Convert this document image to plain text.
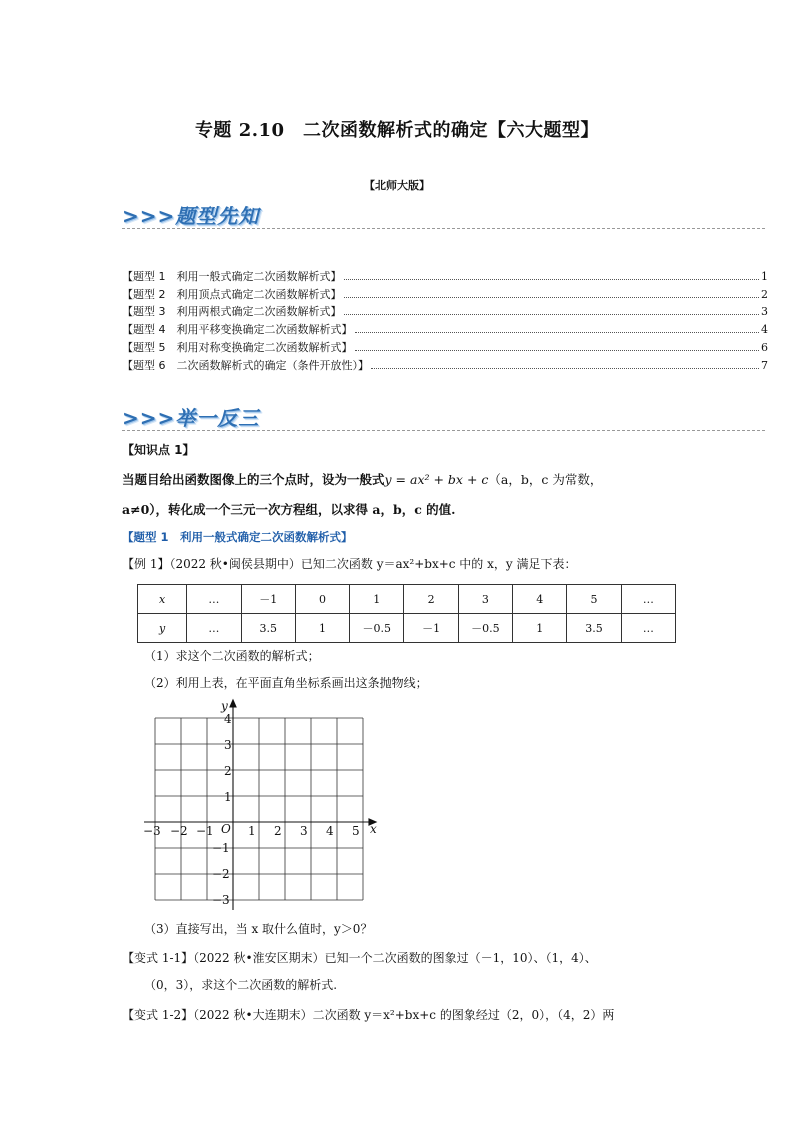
专题 2.10　二次函数解析式的确定【六大题型】
【北师大版】
>>>题型先知
【题型 1　利用一般式确定二次函数解析式】	1
【题型 2　利用顶点式确定二次函数解析式】	2
【题型 3　利用两根式确定二次函数解析式】	3
【题型 4　利用平移变换确定二次函数解析式】	4
【题型 5　利用对称变换确定二次函数解析式】	6
【题型 6　二次函数解析式的确定（条件开放性）】	7
>>>举一反三
【知识点 1】
当题目给出函数图像上的三个点时，设为一般式y = ax² + bx + c（a，b，c 为常数，
a≠0），转化成一个三元一次方程组，以求得 a，b，c 的值.
【题型 1　利用一般式确定二次函数解析式】
【例 1】（2022 秋•闽侯县期中）已知二次函数 y＝ax²+bx+c 中的 x，y 满足下表：
x	…	－1	0	1	2	3	4	5	…
y	…	3.5	1	－0.5	－1	－0.5	1	3.5	…
（1）求这个二次函数的解析式；
（2）利用上表，在平面直角坐标系画出这条抛物线；
x
y
O
−3 −2 −1	1 2 3 4 5
4
3
2
1
−1
−2
−3
（3）直接写出，当 x 取什么值时，y＞0？
【变式 1-1】（2022 秋•淮安区期末）已知一个二次函数的图象过（－1，10）、（1，4）、
（0，3），求这个二次函数的解析式.
【变式 1-2】（2022 秋•大连期末）二次函数 y＝x²+bx+c 的图象经过（2，0），（4，2）两
